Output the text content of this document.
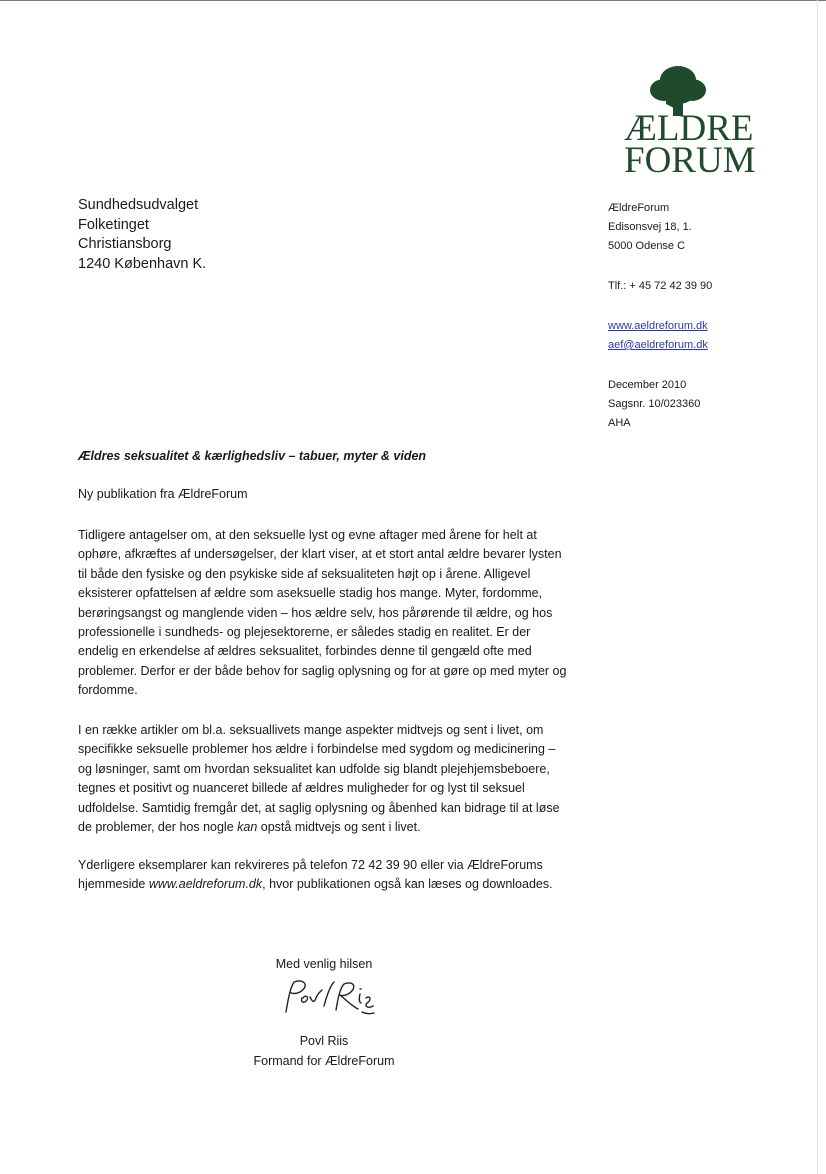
ÆLDRE
FORUM
Sundhedsudvalget
Folketinget
Christiansborg
1240 København K.
ÆldreForum
Edisonsvej 18, 1.
5000 Odense C
Tlf.: + 45 72 42 39 90
www.aeldreforum.dk
aef@aeldreforum.dk
December 2010
Sagsnr. 10/023360
AHA
Ældres seksualitet & kærlighedsliv – tabuer, myter & viden
Ny publikation fra ÆldreForum
Tidligere antagelser om, at den seksuelle lyst og evne aftager med årene for helt at
ophøre, afkræftes af undersøgelser, der klart viser, at et stort antal ældre bevarer lysten
til både den fysiske og den psykiske side af seksualiteten højt op i årene. Alligevel
eksisterer opfattelsen af ældre som aseksuelle stadig hos mange. Myter, fordomme,
berøringsangst og manglende viden – hos ældre selv, hos pårørende til ældre, og hos
professionelle i sundheds- og plejesektorerne, er således stadig en realitet. Er der
endelig en erkendelse af ældres seksualitet, forbindes denne til gengæld ofte med
problemer. Derfor er der både behov for saglig oplysning og for at gøre op med myter og
fordomme.
I en række artikler om bl.a. seksuallivets mange aspekter midtvejs og sent i livet, om
specifikke seksuelle problemer hos ældre i forbindelse med sygdom og medicinering –
og løsninger, samt om hvordan seksualitet kan udfolde sig blandt plejehjemsbeboere,
tegnes et positivt og nuanceret billede af ældres muligheder for og lyst til seksuel
udfoldelse. Samtidig fremgår det, at saglig oplysning og åbenhed kan bidrage til at løse
de problemer, der hos nogle kan opstå midtvejs og sent i livet.
Yderligere eksemplarer kan rekvireres på telefon 72 42 39 90 eller via ÆldreForums
hjemmeside www.aeldreforum.dk, hvor publikationen også kan læses og downloades.
Med venlig hilsen
Povl Riis
Formand for ÆldreForum
